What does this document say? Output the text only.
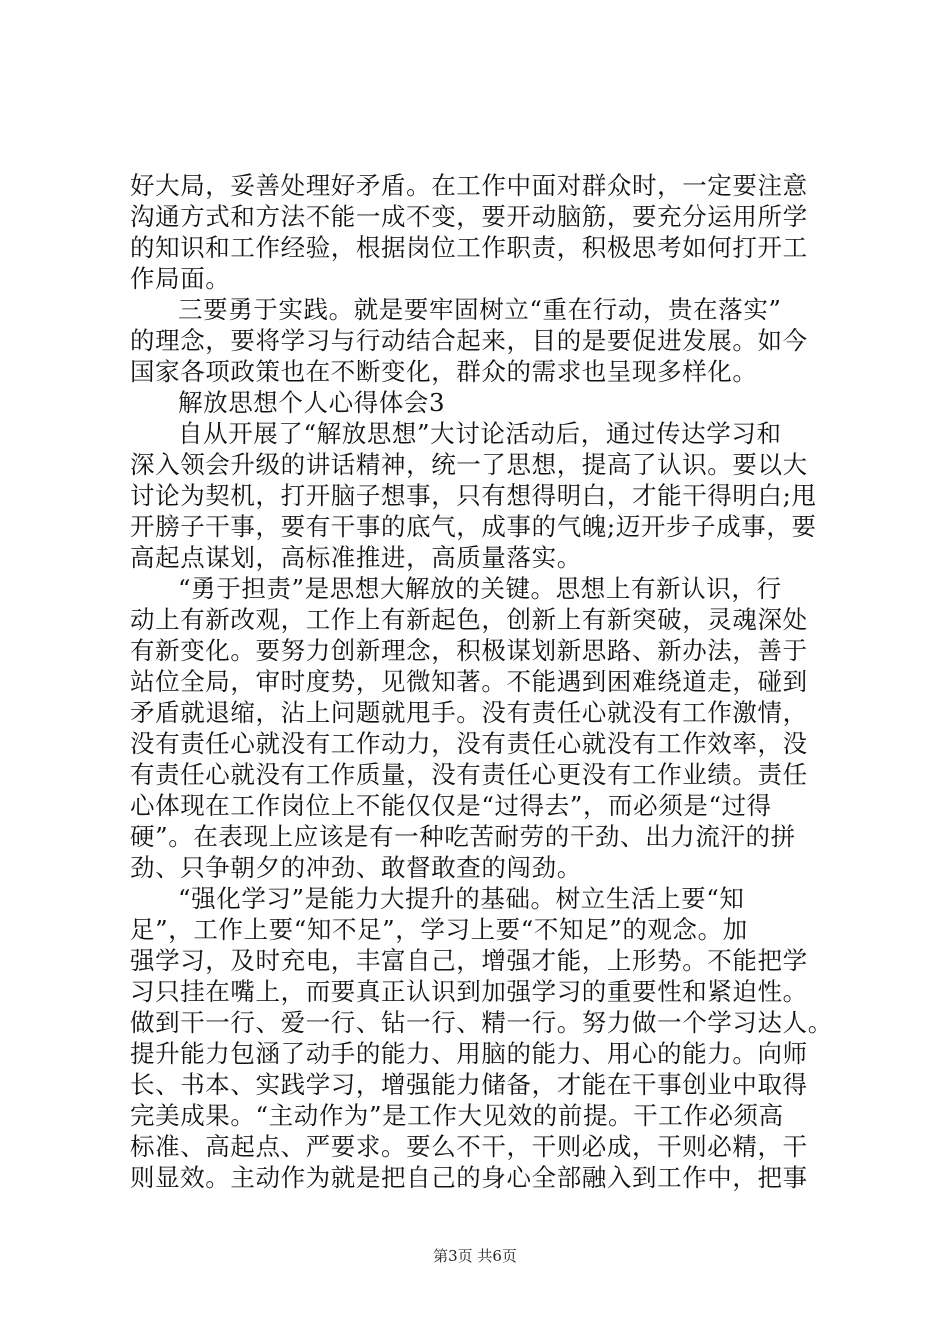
好大局，妥善处理好矛盾。在工作中面对群众时，一定要注意
沟通方式和方法不能一成不变，要开动脑筋，要充分运用所学
的知识和工作经验，根据岗位工作职责，积极思考如何打开工
作局面。
三要勇于实践。就是要牢固树立“重在行动，贵在落实”
的理念，要将学习与行动结合起来，目的是要促进发展。如今
国家各项政策也在不断变化，群众的需求也呈现多样化。
解放思想个人心得体会3
自从开展了“解放思想”大讨论活动后，通过传达学习和
深入领会升级的讲话精神，统一了思想，提高了认识。要以大
讨论为契机，打开脑子想事，只有想得明白，才能干得明白;甩
开膀子干事，要有干事的底气，成事的气魄;迈开步子成事，要
高起点谋划，高标准推进，高质量落实。
“勇于担责”是思想大解放的关键。思想上有新认识，行
动上有新改观，工作上有新起色，创新上有新突破，灵魂深处
有新变化。要努力创新理念，积极谋划新思路、新办法，善于
站位全局，审时度势，见微知著。不能遇到困难绕道走，碰到
矛盾就退缩，沾上问题就甩手。没有责任心就没有工作激情，
没有责任心就没有工作动力，没有责任心就没有工作效率，没
有责任心就没有工作质量，没有责任心更没有工作业绩。责任
心体现在工作岗位上不能仅仅是“过得去”，而必须是“过得
硬”。在表现上应该是有一种吃苦耐劳的干劲、出力流汗的拼
劲、只争朝夕的冲劲、敢督敢查的闯劲。
“强化学习”是能力大提升的基础。树立生活上要“知
足”，工作上要“知不足”，学习上要“不知足”的观念。加
强学习，及时充电，丰富自己，增强才能，上形势。不能把学
习只挂在嘴上，而要真正认识到加强学习的重要性和紧迫性。
做到干一行、爱一行、钻一行、精一行。努力做一个学习达人。
提升能力包涵了动手的能力、用脑的能力、用心的能力。向师
长、书本、实践学习，增强能力储备，才能在干事创业中取得
完美成果。“主动作为”是工作大见效的前提。干工作必须高
标准、高起点、严要求。要么不干，干则必成，干则必精，干
则显效。主动作为就是把自己的身心全部融入到工作中，把事
第3页 共6页
